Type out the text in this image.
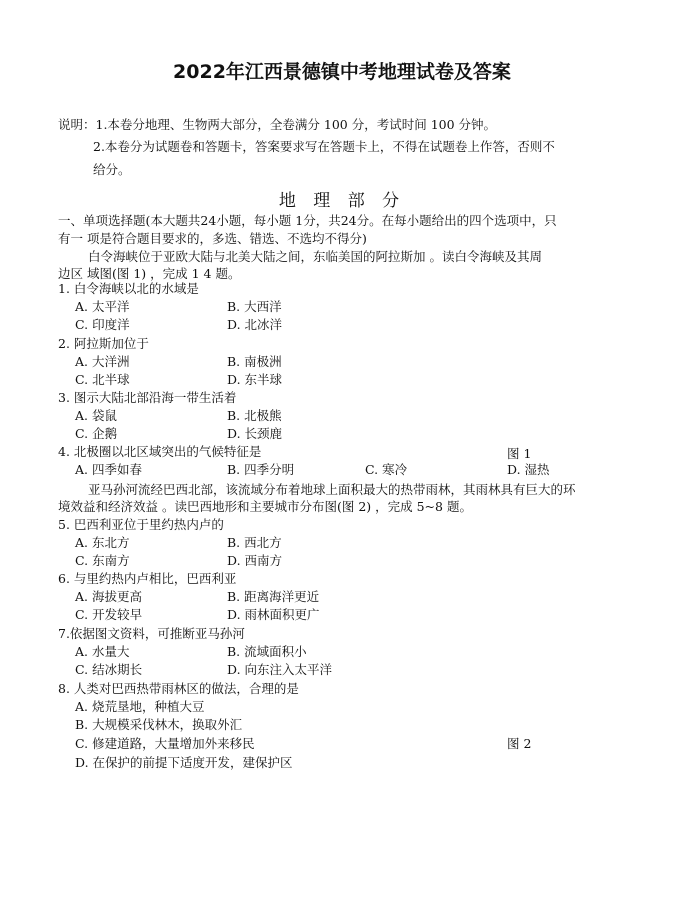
2022年江西景德镇中考地理试卷及答案
说明：1.本卷分地理、生物两大部分，全卷满分 100 分，考试时间 100 分钟。
2.本卷分为试题卷和答题卡，答案要求写在答题卡上，不得在试题卷上作答，否则不
给分。
地 理 部 分
一、单项选择题(本大题共24小题，每小题 1分，共24分。在每小题给出的四个选项中，只
有一 项是符合题目要求的，多选、错选、不选均不得分)
白令海峡位于亚欧大陆与北美大陆之间，东临美国的阿拉斯加 。读白令海峡及其周
边区 域图(图 1) ，完成 1 4 题。
1. 白令海峡以北的水域是
A. 太平洋	B. 大西洋
C. 印度洋	D. 北冰洋
2. 阿拉斯加位于
A. 大洋洲	B. 南极洲
C. 北半球	D. 东半球
3. 图示大陆北部沿海一带生活着
A. 袋鼠	B. 北极熊
C. 企鹅	D. 长颈鹿
4. 北极圈以北区域突出的气候特征是	图 1
A. 四季如春	B. 四季分明	C. 寒冷	D. 湿热
亚马孙河流经巴西北部，该流域分布着地球上面积最大的热带雨林，其雨林具有巨大的环
境效益和经济效益 。读巴西地形和主要城市分布图(图 2) ，完成 5~8 题。
5. 巴西利亚位于里约热内卢的
A. 东北方	B. 西北方
C. 东南方	D. 西南方
6. 与里约热内卢相比，巴西利亚
A. 海拔更高	B. 距离海洋更近
C. 开发较早	D. 雨林面积更广
7.依据图文资料，可推断亚马孙河
A. 水量大	B. 流域面积小
C. 结冰期长	D. 向东注入太平洋
8. 人类对巴西热带雨林区的做法，合理的是
A. 烧荒垦地，种植大豆
B. 大规模采伐林木，换取外汇
C. 修建道路，大量增加外来移民	图 2
D. 在保护的前提下适度开发，建保护区
